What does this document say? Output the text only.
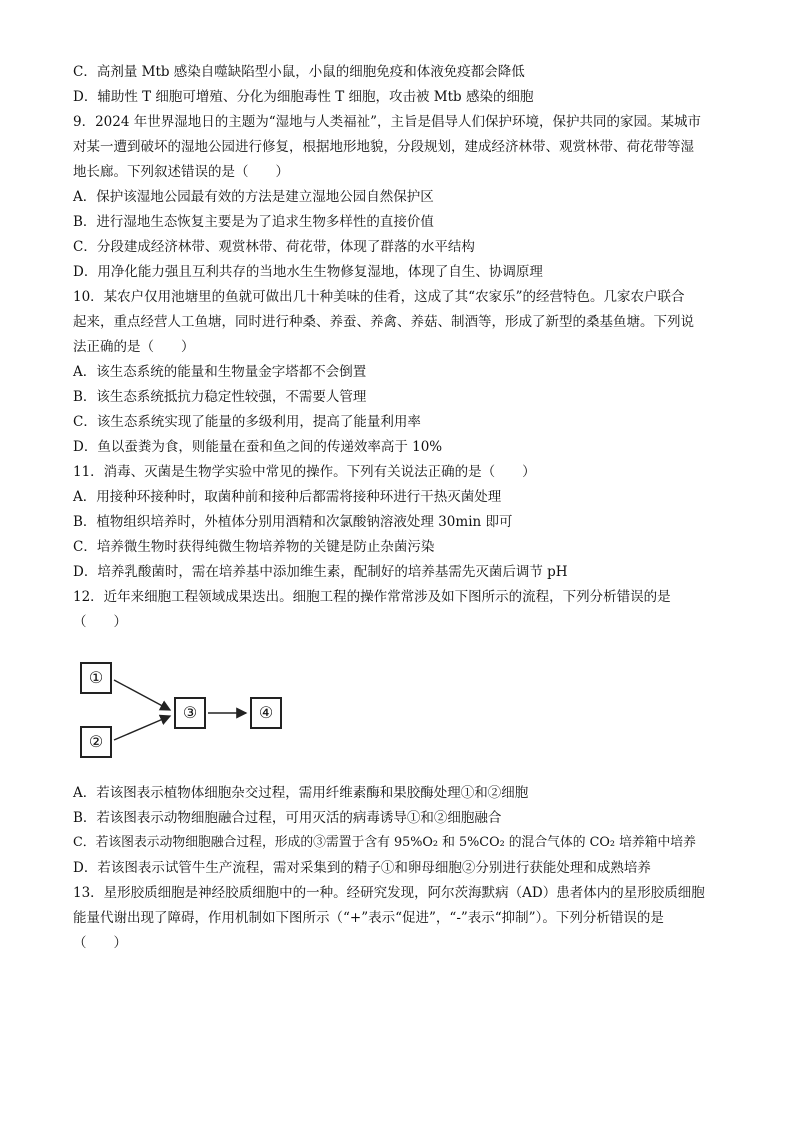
C．高剂量 Mtb 感染自噬缺陷型小鼠，小鼠的细胞免疫和体液免疫都会降低
D．辅助性 T 细胞可增殖、分化为细胞毒性 T 细胞，攻击被 Mtb 感染的细胞
9．2024 年世界湿地日的主题为“湿地与人类福祉”，主旨是倡导人们保护环境，保护共同的家园。某城市
对某一遭到破坏的湿地公园进行修复，根据地形地貌，分段规划，建成经济林带、观赏林带、荷花带等湿
地长廊。下列叙述错误的是（　　）
A．保护该湿地公园最有效的方法是建立湿地公园自然保护区
B．进行湿地生态恢复主要是为了追求生物多样性的直接价值
C．分段建成经济林带、观赏林带、荷花带，体现了群落的水平结构
D．用净化能力强且互利共存的当地水生生物修复湿地，体现了自生、协调原理
10．某农户仅用池塘里的鱼就可做出几十种美味的佳肴，这成了其“农家乐”的经营特色。几家农户联合
起来，重点经营人工鱼塘，同时进行种桑、养蚕、养禽、养菇、制酒等，形成了新型的桑基鱼塘。下列说
法正确的是（　　）
A．该生态系统的能量和生物量金字塔都不会倒置
B．该生态系统抵抗力稳定性较强，不需要人管理
C．该生态系统实现了能量的多级利用，提高了能量利用率
D．鱼以蚕粪为食，则能量在蚕和鱼之间的传递效率高于 10%
11．消毒、灭菌是生物学实验中常见的操作。下列有关说法正确的是（　　）
A．用接种环接种时，取菌种前和接种后都需将接种环进行干热灭菌处理
B．植物组织培养时，外植体分别用酒精和次氯酸钠溶液处理 30min 即可
C．培养微生物时获得纯微生物培养物的关键是防止杂菌污染
D．培养乳酸菌时，需在培养基中添加维生素，配制好的培养基需先灭菌后调节 pH
12．近年来细胞工程领域成果迭出。细胞工程的操作常常涉及如下图所示的流程，下列分析错误的是
（　　）
①
②
③	④
A．若该图表示植物体细胞杂交过程，需用纤维素酶和果胶酶处理①和②细胞
B．若该图表示动物细胞融合过程，可用灭活的病毒诱导①和②细胞融合
C．若该图表示动物细胞融合过程，形成的③需置于含有 95%O₂ 和 5%CO₂ 的混合气体的 CO₂ 培养箱中培养
D．若该图表示试管牛生产流程，需对采集到的精子①和卵母细胞②分别进行获能处理和成熟培养
13．星形胶质细胞是神经胶质细胞中的一种。经研究发现，阿尔茨海默病（AD）患者体内的星形胶质细胞
能量代谢出现了障碍，作用机制如下图所示（“+”表示“促进”，“-”表示“抑制”）。下列分析错误的是
（　　）
